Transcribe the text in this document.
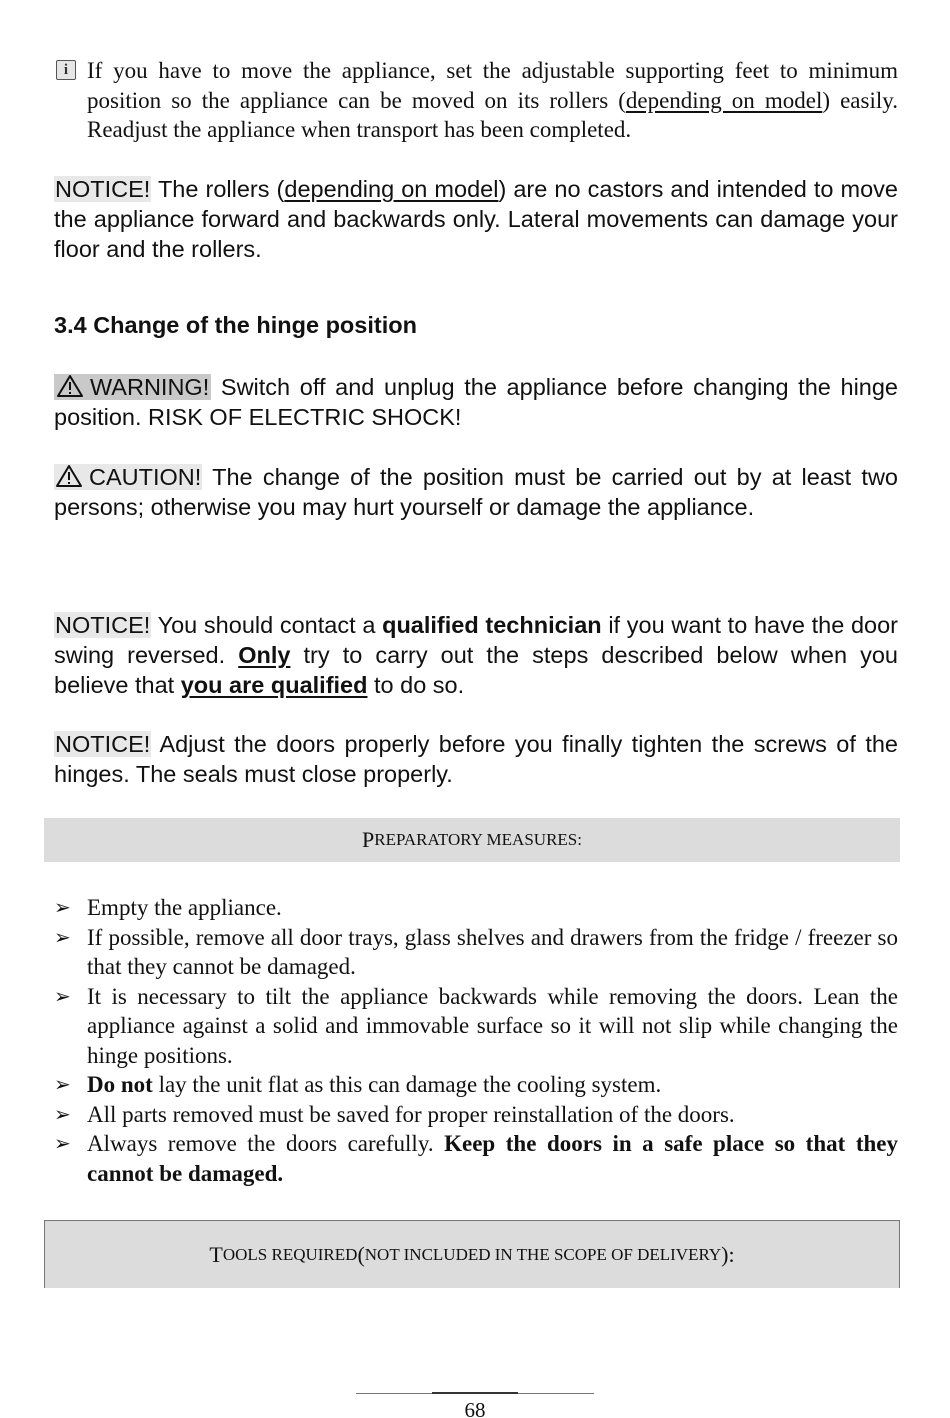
i If you have to move the appliance, set the adjustable supporting feet to minimum position so the appliance can be moved on its rollers (depending on model) easily. Readjust the appliance when transport has been completed.
NOTICE! The rollers (depending on model) are no castors and intended to move the appliance forward and backwards only. Lateral movements can damage your floor and the rollers.
3.4 Change of the hinge position
WARNING! Switch off and unplug the appliance before changing the hinge position. RISK OF ELECTRIC SHOCK!
CAUTION! The change of the position must be carried out by at least two persons; otherwise you may hurt yourself or damage the appliance.
NOTICE! You should contact a qualified technician if you want to have the door swing reversed. Only try to carry out the steps described below when you believe that you are qualified to do so.
NOTICE! Adjust the doors properly before you finally tighten the screws of the hinges. The seals must close properly.
P REPARATORY MEASURES:
➢ Empty the appliance.
➢ If possible, remove all door trays, glass shelves and drawers from the fridge / freezer so that they cannot be damaged.
➢ It is necessary to tilt the appliance backwards while removing the doors. Lean the appliance against a solid and immovable surface so it will not slip while changing the hinge positions.
➢ Do not lay the unit flat as this can damage the cooling system.
➢ All parts removed must be saved for proper reinstallation of the doors.
➢ Always remove the doors carefully. Keep the doors in a safe place so that they cannot be damaged.
T OOLS REQUIRED ( NOT INCLUDED IN THE SCOPE OF DELIVERY ):
68
